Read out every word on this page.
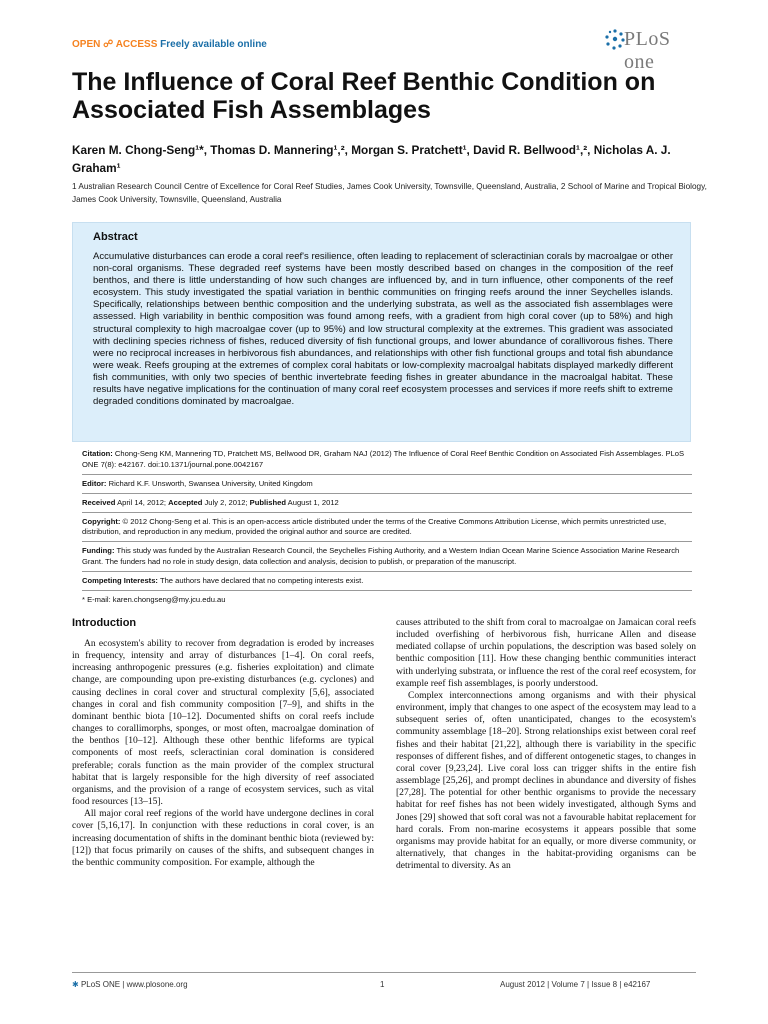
OPEN ☍ ACCESS Freely available online	PLoS one
The Influence of Coral Reef Benthic Condition on Associated Fish Assemblages
Karen M. Chong-Seng¹*, Thomas D. Mannering¹,², Morgan S. Pratchett¹, David R. Bellwood¹,², Nicholas A. J. Graham¹
1 Australian Research Council Centre of Excellence for Coral Reef Studies, James Cook University, Townsville, Queensland, Australia, 2 School of Marine and Tropical Biology, James Cook University, Townsville, Queensland, Australia
Abstract
Accumulative disturbances can erode a coral reef's resilience, often leading to replacement of scleractinian corals by macroalgae or other non-coral organisms. These degraded reef systems have been mostly described based on changes in the composition of the reef benthos, and there is little understanding of how such changes are influenced by, and in turn influence, other components of the reef ecosystem. This study investigated the spatial variation in benthic communities on fringing reefs around the inner Seychelles islands. Specifically, relationships between benthic composition and the underlying substrata, as well as the associated fish assemblages were assessed. High variability in benthic composition was found among reefs, with a gradient from high coral cover (up to 58%) and high structural complexity to high macroalgae cover (up to 95%) and low structural complexity at the extremes. This gradient was associated with declining species richness of fishes, reduced diversity of fish functional groups, and lower abundance of corallivorous fishes. There were no reciprocal increases in herbivorous fish abundances, and relationships with other fish functional groups and total fish abundance were weak. Reefs grouping at the extremes of complex coral habitats or low-complexity macroalgal habitats displayed markedly different fish communities, with only two species of benthic invertebrate feeding fishes in greater abundance in the macroalgal habitat. These results have negative implications for the continuation of many coral reef ecosystem processes and services if more reefs shift to extreme degraded conditions dominated by macroalgae.

Citation: Chong-Seng KM, Mannering TD, Pratchett MS, Bellwood DR, Graham NAJ (2012) The Influence of Coral Reef Benthic Condition on Associated Fish Assemblages. PLoS ONE 7(8): e42167. doi:10.1371/journal.pone.0042167

Editor: Richard K.F. Unsworth, Swansea University, United Kingdom

Received April 14, 2012; Accepted July 2, 2012; Published August 1, 2012

Copyright: © 2012 Chong-Seng et al. This is an open-access article distributed under the terms of the Creative Commons Attribution License, which permits unrestricted use, distribution, and reproduction in any medium, provided the original author and source are credited.

Funding: This study was funded by the Australian Research Council, the Seychelles Fishing Authority, and a Western Indian Ocean Marine Science Association Marine Research Grant. The funders had no role in study design, data collection and analysis, decision to publish, or preparation of the manuscript.

Competing Interests: The authors have declared that no competing interests exist.

* E-mail: karen.chongseng@my.jcu.edu.au

Introduction

An ecosystem's ability to recover from degradation is eroded by increases in frequency, intensity and array of disturbances [1–4]. On coral reefs, increasing anthropogenic pressures (e.g. fisheries exploitation) and climate change, are compounding upon pre-existing disturbances (e.g. cyclones) and causing declines in coral cover and structural complexity [5,6], associated changes in coral and fish community composition [7–9], and shifts in the dominant benthic biota [10–12]. Documented shifts on coral reefs include changes to corallimorphs, sponges, or most often, macroalgae domination of the benthos [10–12]. Although these other benthic lifeforms are typical components of most reefs, scleractinian coral domination is considered preferable; corals function as the main provider of the complex structural habitat that is largely responsible for the high diversity of reef associated organisms, and the provision of a range of ecosystem services, such as vital food resources [13–15].

All major coral reef regions of the world have undergone declines in coral cover [5,16,17]. In conjunction with these reductions in coral cover, is an increasing documentation of shifts in the dominant benthic biota (reviewed by: [12]) that focus primarily on causes of the shifts, and subsequent changes in the benthic community composition. For example, although the

causes attributed to the shift from coral to macroalgae on Jamaican coral reefs included overfishing of herbivorous fish, hurricane Allen and disease mediated collapse of urchin populations, the description was based solely on benthic composition [11]. How these changing benthic communities interact with underlying substrata, or influence the rest of the coral reef ecosystem, for example reef fish assemblages, is poorly understood.

Complex interconnections among organisms and with their physical environment, imply that changes to one aspect of the ecosystem may lead to a subsequent series of, often unanticipated, changes to the ecosystem's community assemblage [18–20]. Strong relationships exist between coral reef fishes and their habitat [21,22], although there is variability in the specific responses of different fishes, and of different ontogenetic stages, to changes in coral cover [9,23,24]. Live coral loss can trigger shifts in the entire fish assemblage [25,26], and prompt declines in abundance and diversity of fishes [27,28]. The potential for other benthic organisms to provide the necessary habitat for reef fishes has not been widely investigated, although Syms and Jones [29] showed that soft coral was not a favourable habitat replacement for hard corals. From non-marine ecosystems it appears possible that some organisms may provide habitat for an equally, or more diverse community, or alternatively, that changes in the habitat-providing organisms can be detrimental to diversity. As an

✱ PLoS ONE | www.plosone.org	1	August 2012 | Volume 7 | Issue 8 | e42167
